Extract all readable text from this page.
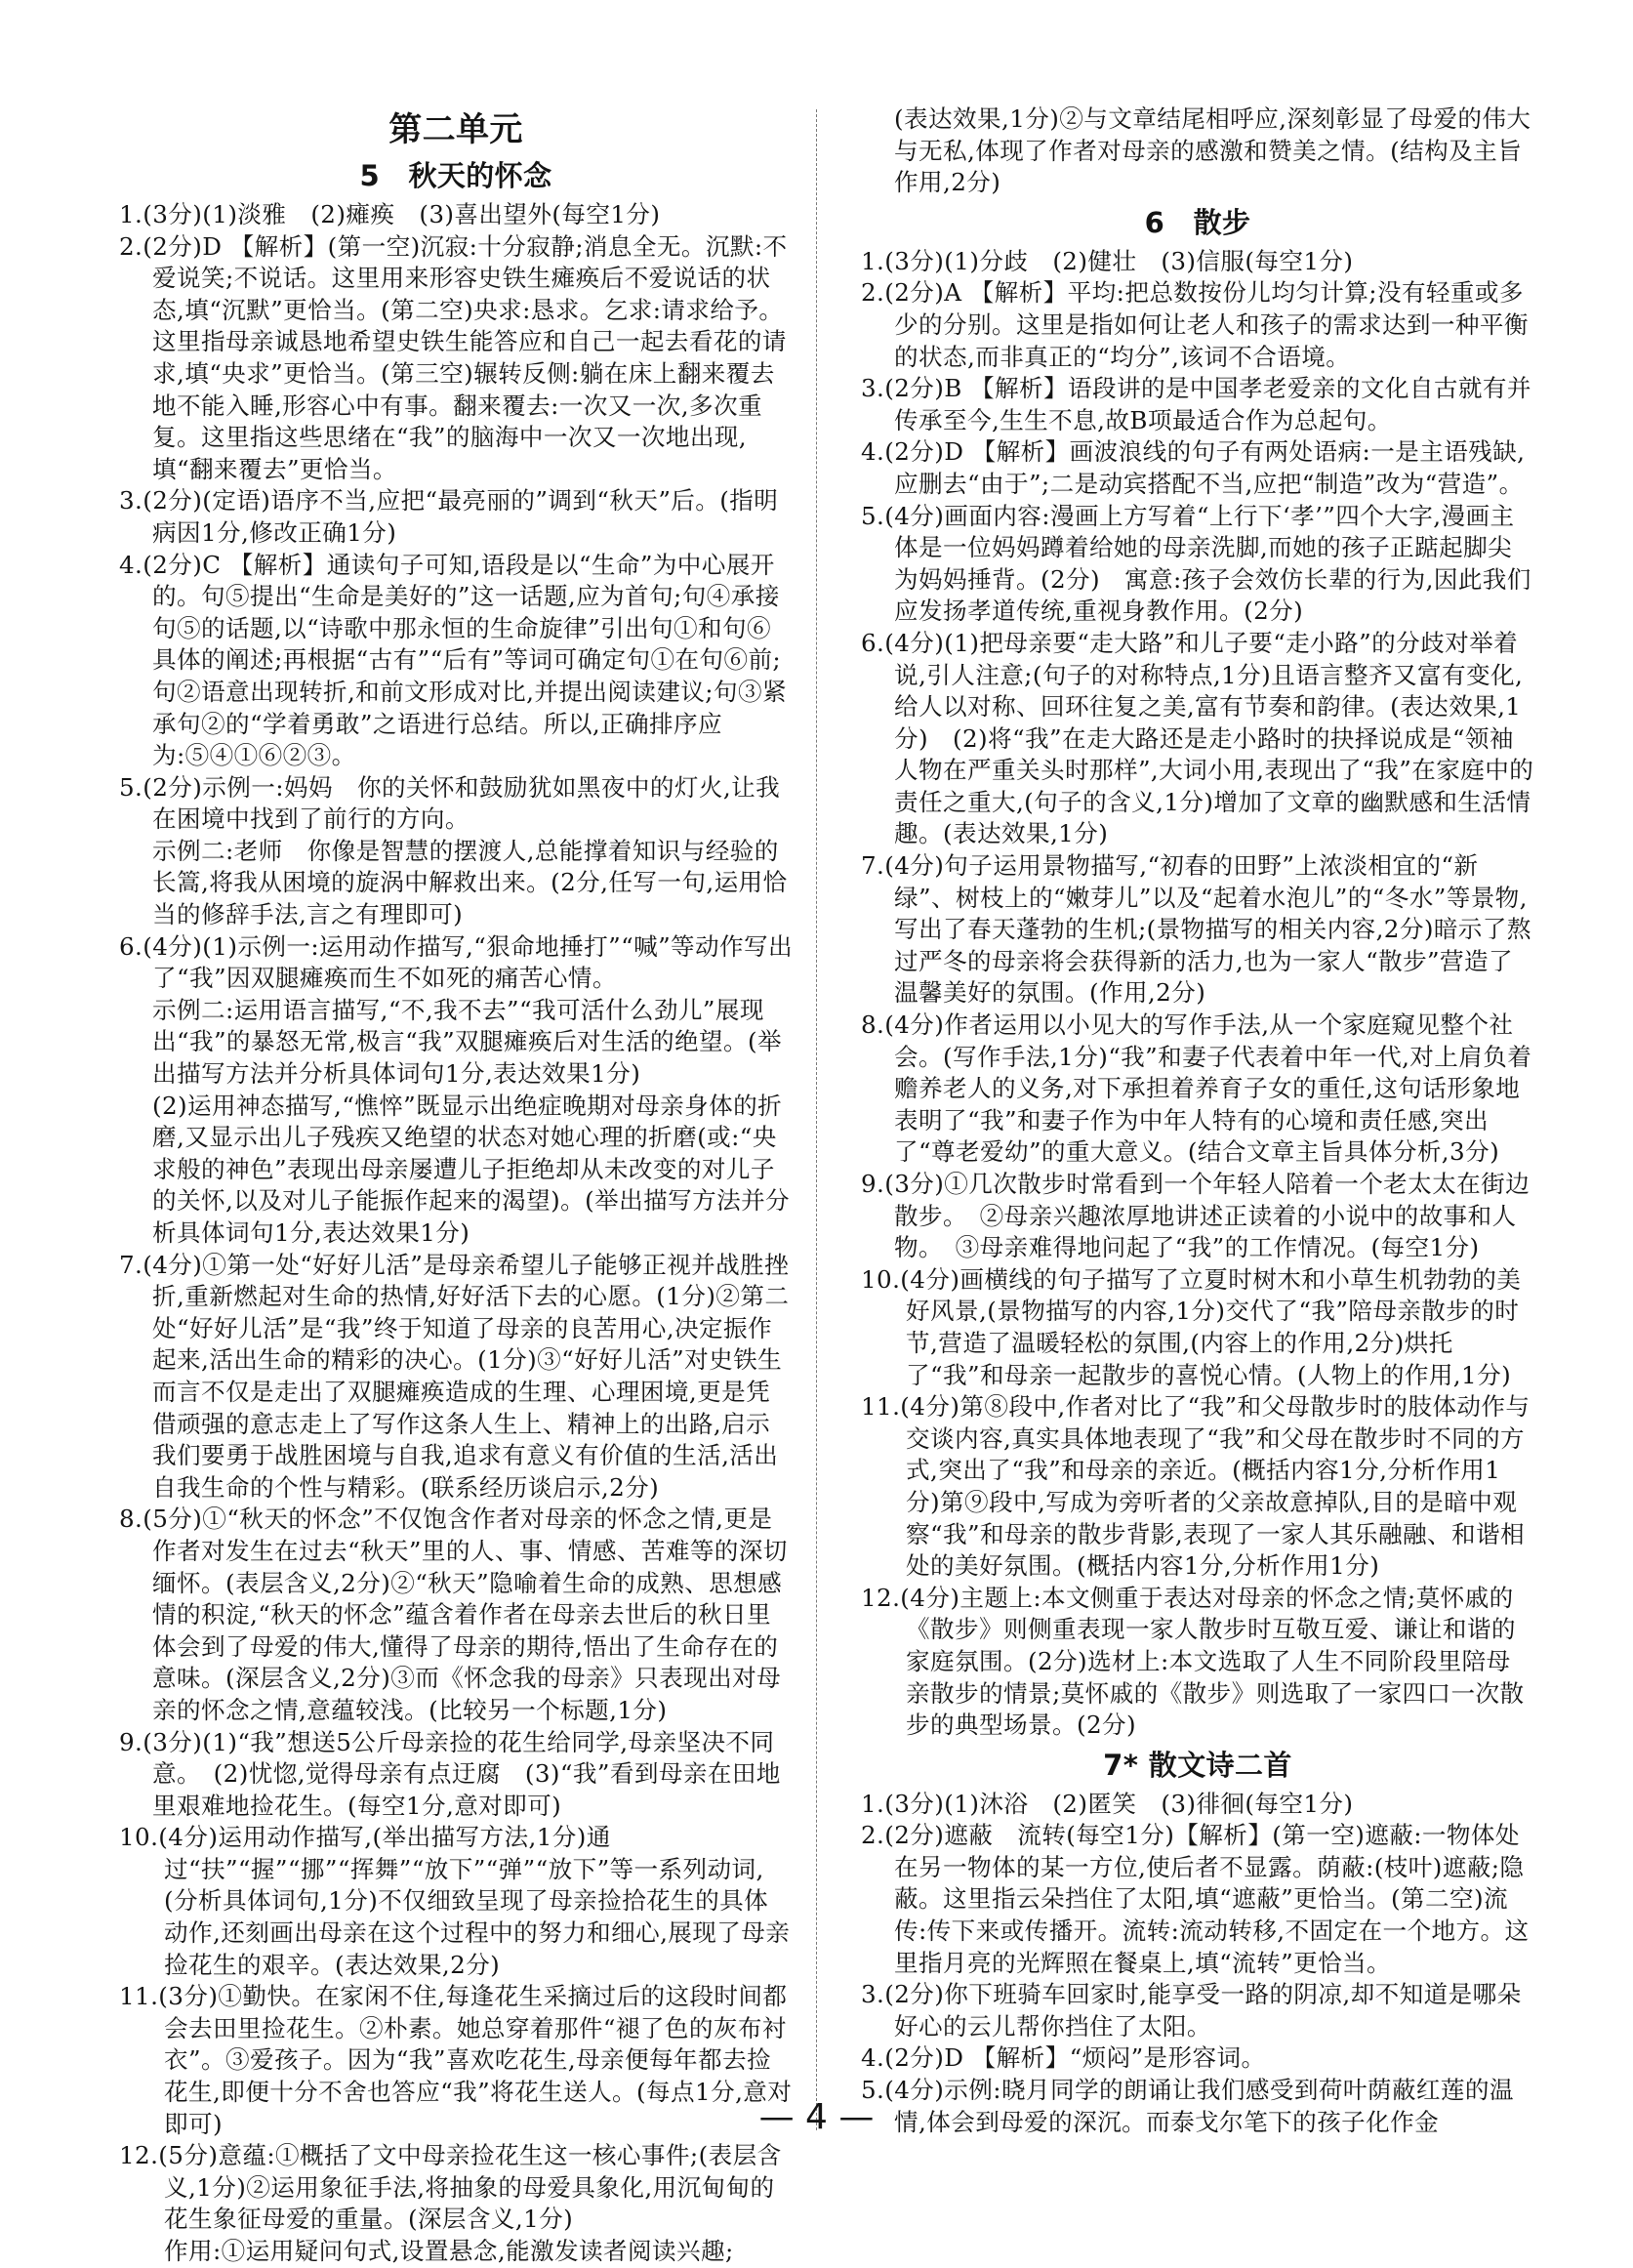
第二单元
5　秋天的怀念

1.(3分)(1)淡雅　(2)瘫痪　(3)喜出望外(每空1分)

2.(2分)D 【解析】(第一空)沉寂:十分寂静;消息全无。沉默:不爱说笑;不说话。这里用来形容史铁生瘫痪后不爱说话的状态,填“沉默”更恰当。(第二空)央求:恳求。乞求:请求给予。这里指母亲诚恳地希望史铁生能答应和自己一起去看花的请求,填“央求”更恰当。(第三空)辗转反侧:躺在床上翻来覆去地不能入睡,形容心中有事。翻来覆去:一次又一次,多次重复。这里指这些思绪在“我”的脑海中一次又一次地出现,填“翻来覆去”更恰当。

3.(2分)(定语)语序不当,应把“最亮丽的”调到“秋天”后。(指明病因1分,修改正确1分)

4.(2分)C 【解析】通读句子可知,语段是以“生命”为中心展开的。句⑤提出“生命是美好的”这一话题,应为首句;句④承接句⑤的话题,以“诗歌中那永恒的生命旋律”引出句①和句⑥具体的阐述;再根据“古有”“后有”等词可确定句①在句⑥前;句②语意出现转折,和前文形成对比,并提出阅读建议;句③紧承句②的“学着勇敢”之语进行总结。所以,正确排序应为:⑤④①⑥②③。

5.(2分)示例一:妈妈　你的关怀和鼓励犹如黑夜中的灯火,让我在困境中找到了前行的方向。

示例二:老师　你像是智慧的摆渡人,总能撑着知识与经验的长篙,将我从困境的旋涡中解救出来。(2分,任写一句,运用恰当的修辞手法,言之有理即可)

6.(4分)(1)示例一:运用动作描写,“狠命地捶打”“喊”等动作写出了“我”因双腿瘫痪而生不如死的痛苦心情。

示例二:运用语言描写,“不,我不去”“我可活什么劲儿”展现出“我”的暴怒无常,极言“我”双腿瘫痪后对生活的绝望。(举出描写方法并分析具体词句1分,表达效果1分)

(2)运用神态描写,“憔悴”既显示出绝症晚期对母亲身体的折磨,又显示出儿子残疾又绝望的状态对她心理的折磨(或:“央求般的神色”表现出母亲屡遭儿子拒绝却从未改变的对儿子的关怀,以及对儿子能振作起来的渴望)。(举出描写方法并分析具体词句1分,表达效果1分)

7.(4分)①第一处“好好儿活”是母亲希望儿子能够正视并战胜挫折,重新燃起对生命的热情,好好活下去的心愿。(1分)②第二处“好好儿活”是“我”终于知道了母亲的良苦用心,决定振作起来,活出生命的精彩的决心。(1分)③“好好儿活”对史铁生而言不仅是走出了双腿瘫痪造成的生理、心理困境,更是凭借顽强的意志走上了写作这条人生上、精神上的出路,启示我们要勇于战胜困境与自我,追求有意义有价值的生活,活出自我生命的个性与精彩。(联系经历谈启示,2分)

8.(5分)①“秋天的怀念”不仅饱含作者对母亲的怀念之情,更是作者对发生在过去“秋天”里的人、事、情感、苦难等的深切缅怀。(表层含义,2分)②“秋天”隐喻着生命的成熟、思想感情的积淀,“秋天的怀念”蕴含着作者在母亲去世后的秋日里体会到了母爱的伟大,懂得了母亲的期待,悟出了生命存在的意味。(深层含义,2分)③而《怀念我的母亲》只表现出对母亲的怀念之情,意蕴较浅。(比较另一个标题,1分)

9.(3分)(1)“我”想送5公斤母亲捡的花生给同学,母亲坚决不同意。　(2)忧惚,觉得母亲有点迂腐　(3)“我”看到母亲在田地里艰难地捡花生。(每空1分,意对即可)

10.(4分)运用动作描写,(举出描写方法,1分)通过“扶”“握”“挪”“挥舞”“放下”“弹”“放下”等一系列动词,(分析具体词句,1分)不仅细致呈现了母亲捡拾花生的具体动作,还刻画出母亲在这个过程中的努力和细心,展现了母亲捡花生的艰辛。(表达效果,2分)

11.(3分)①勤快。在家闲不住,每逢花生采摘过后的这段时间都会去田里捡花生。②朴素。她总穿着那件“褪了色的灰布衬衣”。③爱孩子。因为“我”喜欢吃花生,母亲便每年都去捡花生,即便十分不舍也答应“我”将花生送人。(每点1分,意对即可)

12.(5分)意蕴:①概括了文中母亲捡花生这一核心事件;(表层含义,1分)②运用象征手法,将抽象的母爱具象化,用沉甸甸的花生象征母爱的重量。(深层含义,1分)

作用:①运用疑问句式,设置悬念,能激发读者阅读兴趣;

(表达效果,1分)②与文章结尾相呼应,深刻彰显了母爱的伟大与无私,体现了作者对母亲的感激和赞美之情。(结构及主旨作用,2分)

6　散步

1.(3分)(1)分歧　(2)健壮　(3)信服(每空1分)

2.(2分)A 【解析】平均:把总数按份儿均匀计算;没有轻重或多少的分别。这里是指如何让老人和孩子的需求达到一种平衡的状态,而非真正的“均分”,该词不合语境。

3.(2分)B 【解析】语段讲的是中国孝老爱亲的文化自古就有并传承至今,生生不息,故B项最适合作为总起句。

4.(2分)D 【解析】画波浪线的句子有两处语病:一是主语残缺,应删去“由于”;二是动宾搭配不当,应把“制造”改为“营造”。

5.(4分)画面内容:漫画上方写着“上行下‘孝’”四个大字,漫画主体是一位妈妈蹲着给她的母亲洗脚,而她的孩子正踮起脚尖为妈妈捶背。(2分)　寓意:孩子会效仿长辈的行为,因此我们应发扬孝道传统,重视身教作用。(2分)

6.(4分)(1)把母亲要“走大路”和儿子要“走小路”的分歧对举着说,引人注意;(句子的对称特点,1分)且语言整齐又富有变化,给人以对称、回环往复之美,富有节奏和韵律。(表达效果,1分)　(2)将“我”在走大路还是走小路时的抉择说成是“领袖人物在严重关头时那样”,大词小用,表现出了“我”在家庭中的责任之重大,(句子的含义,1分)增加了文章的幽默感和生活情趣。(表达效果,1分)

7.(4分)句子运用景物描写,“初春的田野”上浓淡相宜的“新绿”、树枝上的“嫩芽儿”以及“起着水泡儿”的“冬水”等景物,写出了春天蓬勃的生机;(景物描写的相关内容,2分)暗示了熬过严冬的母亲将会获得新的活力,也为一家人“散步”营造了温馨美好的氛围。(作用,2分)

8.(4分)作者运用以小见大的写作手法,从一个家庭窥见整个社会。(写作手法,1分)“我”和妻子代表着中年一代,对上肩负着赡养老人的义务,对下承担着养育子女的重任,这句话形象地表明了“我”和妻子作为中年人特有的心境和责任感,突出了“尊老爱幼”的重大意义。(结合文章主旨具体分析,3分)

9.(3分)①几次散步时常看到一个年轻人陪着一个老太太在街边散步。　②母亲兴趣浓厚地讲述正读着的小说中的故事和人物。　③母亲难得地问起了“我”的工作情况。(每空1分)

10.(4分)画横线的句子描写了立夏时树木和小草生机勃勃的美好风景,(景物描写的内容,1分)交代了“我”陪母亲散步的时节,营造了温暖轻松的氛围,(内容上的作用,2分)烘托了“我”和母亲一起散步的喜悦心情。(人物上的作用,1分)

11.(4分)第⑧段中,作者对比了“我”和父母散步时的肢体动作与交谈内容,真实具体地表现了“我”和父母在散步时不同的方式,突出了“我”和母亲的亲近。(概括内容1分,分析作用1分)第⑨段中,写成为旁听者的父亲故意掉队,目的是暗中观察“我”和母亲的散步背影,表现了一家人其乐融融、和谐相处的美好氛围。(概括内容1分,分析作用1分)

12.(4分)主题上:本文侧重于表达对母亲的怀念之情;莫怀戚的《散步》则侧重表现一家人散步时互敬互爱、谦让和谐的家庭氛围。(2分)选材上:本文选取了人生不同阶段里陪母亲散步的情景;莫怀戚的《散步》则选取了一家四口一次散步的典型场景。(2分)

7* 散文诗二首

1.(3分)(1)沐浴　(2)匿笑　(3)徘徊(每空1分)

2.(2分)遮蔽　流转(每空1分)【解析】(第一空)遮蔽:一物体处在另一物体的某一方位,使后者不显露。荫蔽:(枝叶)遮蔽;隐蔽。这里指云朵挡住了太阳,填“遮蔽”更恰当。(第二空)流传:传下来或传播开。流转:流动转移,不固定在一个地方。这里指月亮的光辉照在餐桌上,填“流转”更恰当。

3.(2分)你下班骑车回家时,能享受一路的阴凉,却不知道是哪朵好心的云儿帮你挡住了太阳。

4.(2分)D 【解析】“烦闷”是形容词。

5.(4分)示例:晓月同学的朗诵让我们感受到荷叶荫蔽红莲的温情,体会到母爱的深沉。而泰戈尔笔下的孩子化作金

— 4 —
